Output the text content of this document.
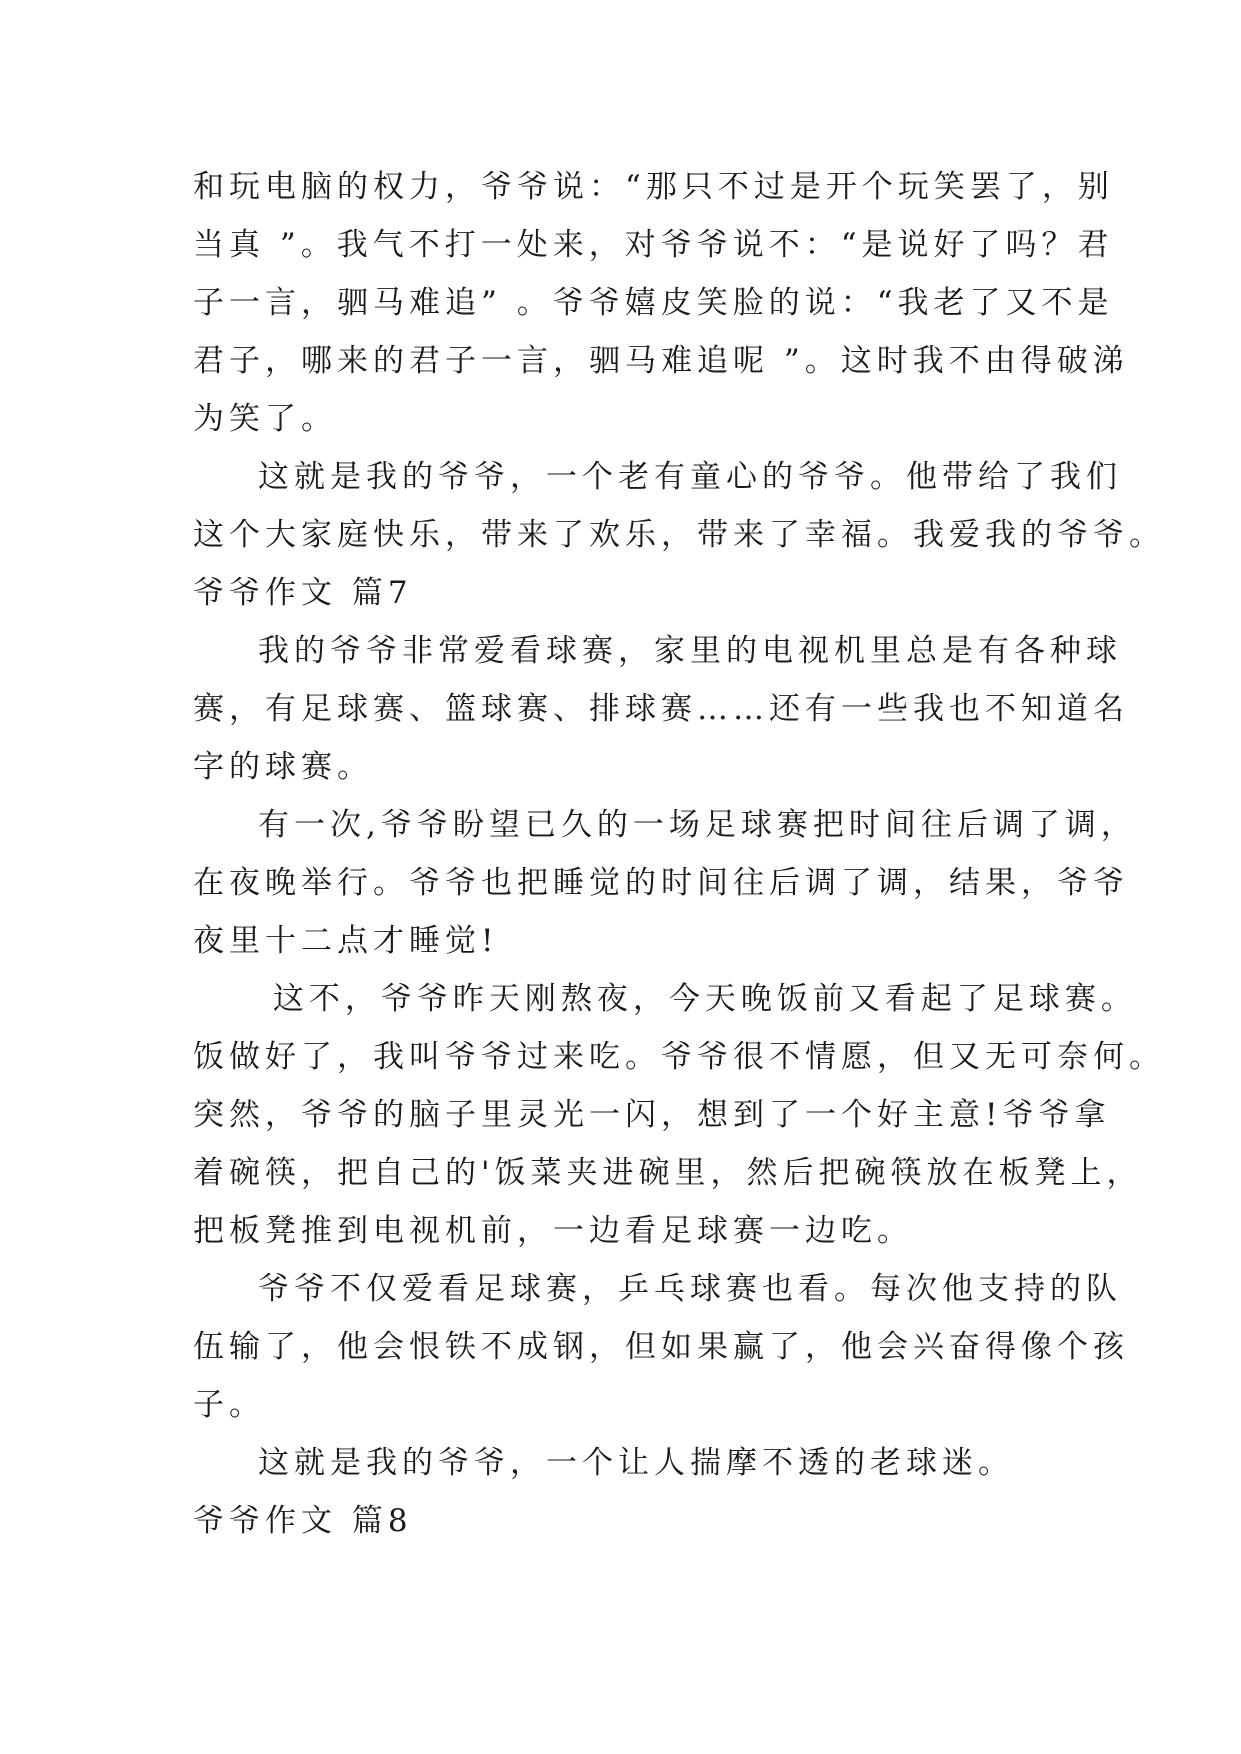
和玩电脑的权力，爷爷说：“那只不过是开个玩笑罢了，别
当真 ”。我气不打一处来，对爷爷说不：“是说好了吗？君
子一言，驷马难追” 。爷爷嬉皮笑脸的说：“我老了又不是
君子，哪来的君子一言，驷马难追呢 ”。这时我不由得破涕
为笑了。
这就是我的爷爷，一个老有童心的爷爷。他带给了我们
这个大家庭快乐，带来了欢乐，带来了幸福。我爱我的爷爷。
爷爷作文 篇7
我的爷爷非常爱看球赛，家里的电视机里总是有各种球
赛，有足球赛、篮球赛、排球赛……还有一些我也不知道名
字的球赛。
有一次,爷爷盼望已久的一场足球赛把时间往后调了调，
在夜晚举行。爷爷也把睡觉的时间往后调了调，结果，爷爷
夜里十二点才睡觉!
这不，爷爷昨天刚熬夜，今天晚饭前又看起了足球赛。
饭做好了，我叫爷爷过来吃。爷爷很不情愿，但又无可奈何。
突然，爷爷的脑子里灵光一闪，想到了一个好主意!爷爷拿
着碗筷，把自己的'饭菜夹进碗里，然后把碗筷放在板凳上，
把板凳推到电视机前，一边看足球赛一边吃。
爷爷不仅爱看足球赛，乒乓球赛也看。每次他支持的队
伍输了，他会恨铁不成钢，但如果赢了，他会兴奋得像个孩
子。
这就是我的爷爷，一个让人揣摩不透的老球迷。
爷爷作文 篇8
